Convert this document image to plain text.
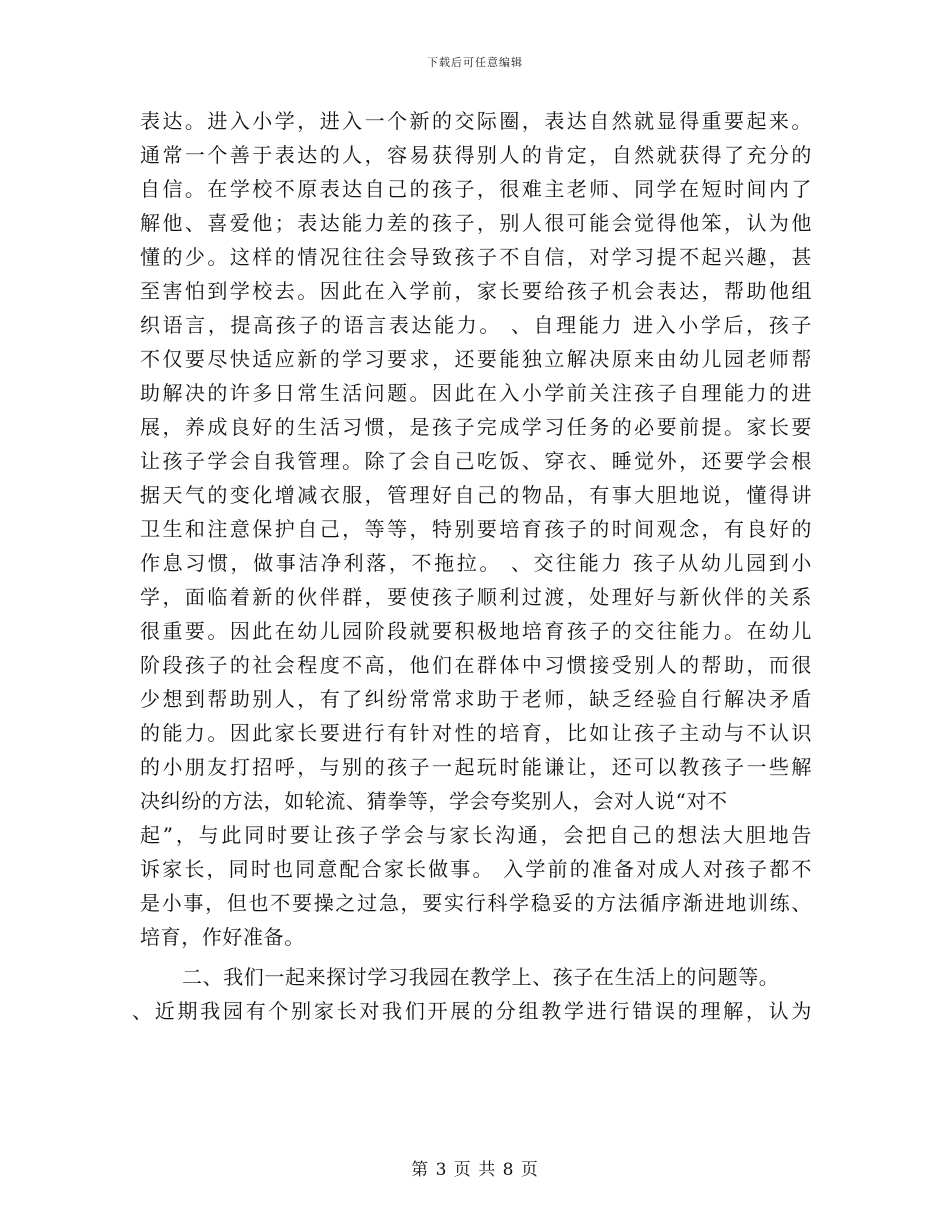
下载后可任意编辑
表达。进入小学，进入一个新的交际圈，表达自然就显得重要起来。
通常一个善于表达的人，容易获得别人的肯定，自然就获得了充分的
自信。在学校不原表达自己的孩子，很难主老师、同学在短时间内了
解他、喜爱他；表达能力差的孩子，别人很可能会觉得他笨，认为他
懂的少。这样的情况往往会导致孩子不自信，对学习提不起兴趣，甚
至害怕到学校去。因此在入学前，家长要给孩子机会表达，帮助他组
织语言，提高孩子的语言表达能力。 、自理能力 进入小学后，孩子
不仅要尽快适应新的学习要求，还要能独立解决原来由幼儿园老师帮
助解决的许多日常生活问题。因此在入小学前关注孩子自理能力的进
展，养成良好的生活习惯，是孩子完成学习任务的必要前提。家长要
让孩子学会自我管理。除了会自己吃饭、穿衣、睡觉外，还要学会根
据天气的变化增减衣服，管理好自己的物品，有事大胆地说，懂得讲
卫生和注意保护自己，等等，特别要培育孩子的时间观念，有良好的
作息习惯，做事洁净利落，不拖拉。 、交往能力 孩子从幼儿园到小
学，面临着新的伙伴群，要使孩子顺利过渡，处理好与新伙伴的关系
很重要。因此在幼儿园阶段就要积极地培育孩子的交往能力。在幼儿
阶段孩子的社会程度不高，他们在群体中习惯接受别人的帮助，而很
少想到帮助别人，有了纠纷常常求助于老师，缺乏经验自行解决矛盾
的能力。因此家长要进行有针对性的培育，比如让孩子主动与不认识
的小朋友打招呼，与别的孩子一起玩时能谦让，还可以教孩子一些解
决纠纷的方法，如轮流、猜拳等，学会夸奖别人，会对人说“对不
起”，与此同时要让孩子学会与家长沟通，会把自己的想法大胆地告
诉家长，同时也同意配合家长做事。 入学前的准备对成人对孩子都不
是小事，但也不要操之过急，要实行科学稳妥的方法循序渐进地训练、
培育，作好准备。
二、我们一起来探讨学习我园在教学上、孩子在生活上的问题等。
、近期我园有个别家长对我们开展的分组教学进行错误的理解，认为
第 3 页 共 8 页
